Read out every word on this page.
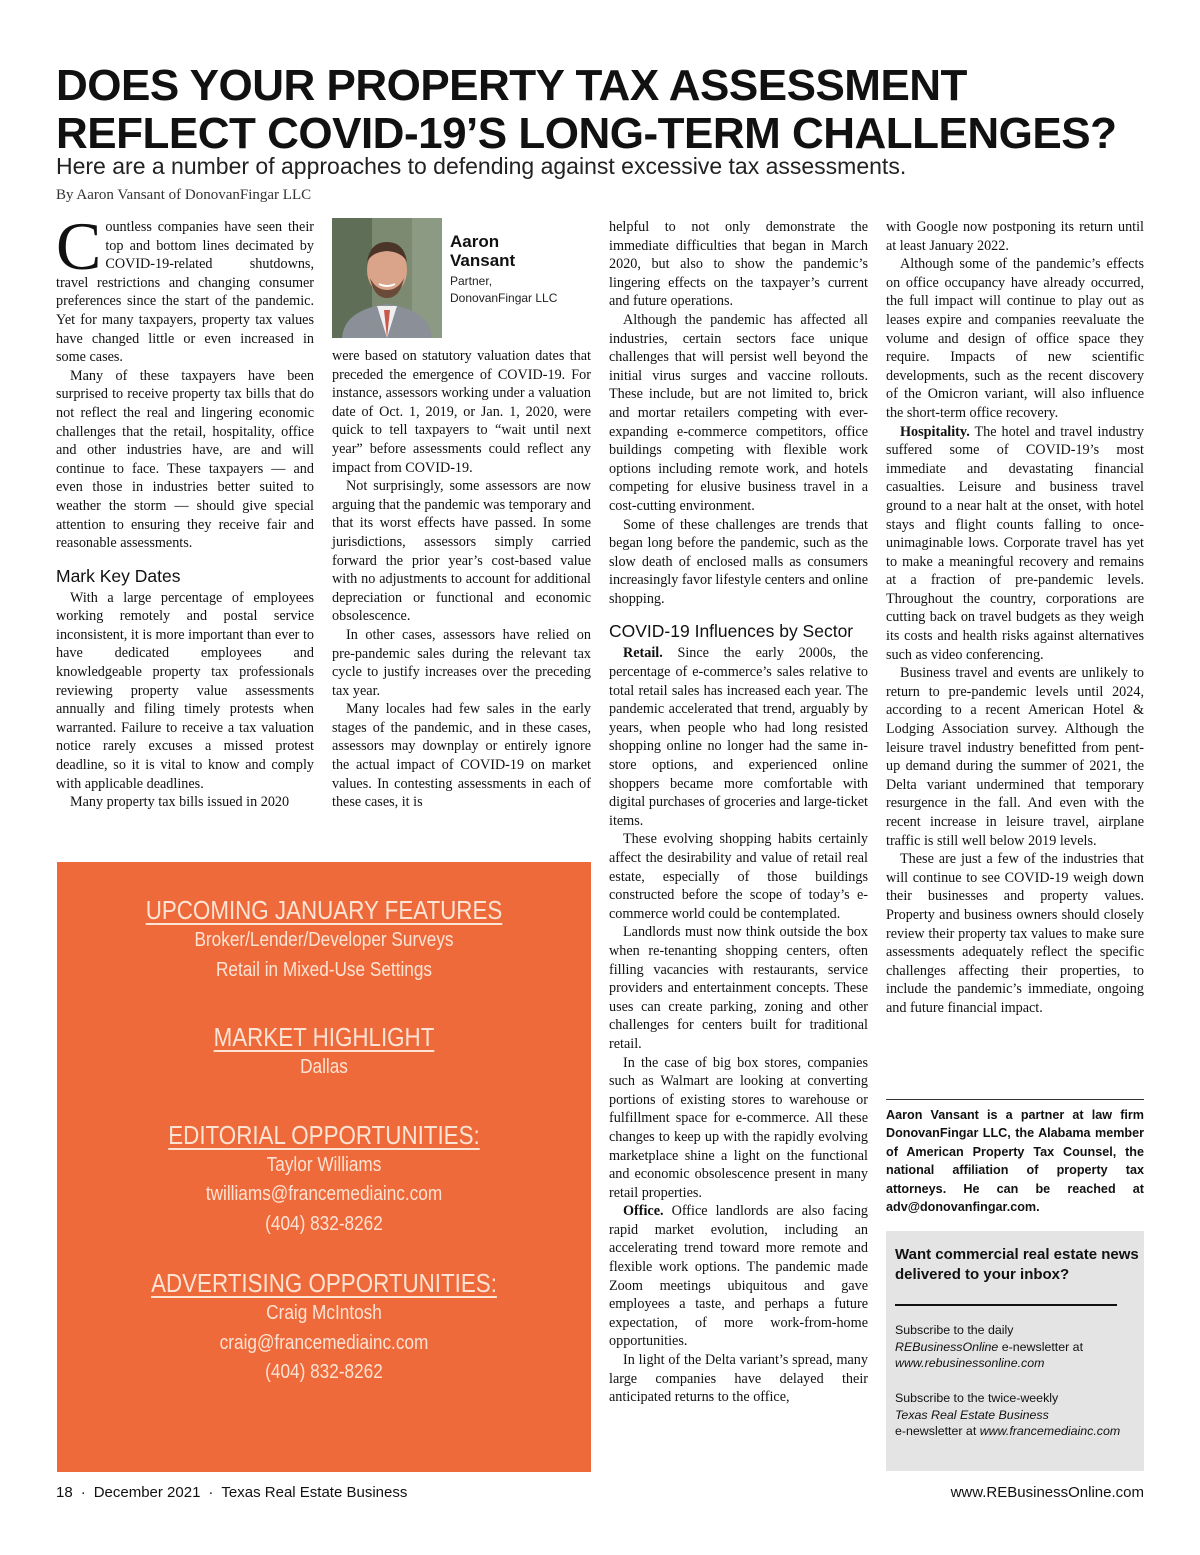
DOES YOUR PROPERTY TAX ASSESSMENT REFLECT COVID-19’S LONG-TERM CHALLENGES?

Here are a number of approaches to defending against excessive tax assessments.

By Aaron Vansant of DonovanFingar LLC

Countless companies have seen their top and bottom lines decimated by COVID-19-related shutdowns, travel restrictions and changing consumer preferences since the start of the pandemic. Yet for many taxpayers, property tax values have changed little or even increased in some cases.

Many of these taxpayers have been surprised to receive property tax bills that do not reflect the real and lingering economic challenges that the retail, hospitality, office and other industries have, are and will continue to face. These taxpayers — and even those in industries better suited to weather the storm — should give special attention to ensuring they receive fair and reasonable assessments.

Mark Key Dates

With a large percentage of employees working remotely and postal service inconsistent, it is more important than ever to have dedicated employees and knowledgeable property tax professionals reviewing property value assessments annually and filing timely protests when warranted. Failure to receive a tax valuation notice rarely excuses a missed protest deadline, so it is vital to know and comply with applicable deadlines.

Many property tax bills issued in 2020

Aaron
Vansant
Partner,
DonovanFingar LLC

were based on statutory valuation dates that preceded the emergence of COVID-19. For instance, assessors working under a valuation date of Oct. 1, 2019, or Jan. 1, 2020, were quick to tell taxpayers to “wait until next year” before assessments could reflect any impact from COVID-19.

Not surprisingly, some assessors are now arguing that the pandemic was temporary and that its worst effects have passed. In some jurisdictions, assessors simply carried forward the prior year’s cost-based value with no adjustments to account for additional depreciation or functional and economic obsolescence.

In other cases, assessors have relied on pre-pandemic sales during the relevant tax cycle to justify increases over the preceding tax year.

Many locales had few sales in the early stages of the pandemic, and in these cases, assessors may downplay or entirely ignore the actual impact of COVID-19 on market values. In contesting assessments in each of these cases, it is

helpful to not only demonstrate the immediate difficulties that began in March 2020, but also to show the pandemic’s lingering effects on the taxpayer’s current and future operations.

Although the pandemic has affected all industries, certain sectors face unique challenges that will persist well beyond the initial virus surges and vaccine rollouts. These include, but are not limited to, brick and mortar retailers competing with ever-expanding e-commerce competitors, office buildings competing with flexible work options including remote work, and hotels competing for elusive business travel in a cost-cutting environment.

Some of these challenges are trends that began long before the pandemic, such as the slow death of enclosed malls as consumers increasingly favor lifestyle centers and online shopping.

COVID-19 Influences by Sector

Retail. Since the early 2000s, the percentage of e-commerce’s sales relative to total retail sales has increased each year. The pandemic accelerated that trend, arguably by years, when people who had long resisted shopping online no longer had the same in-store options, and experienced online shoppers became more comfortable with digital purchases of groceries and large-ticket items.

These evolving shopping habits certainly affect the desirability and value of retail real estate, especially of those buildings constructed before the scope of today’s e-commerce world could be contemplated.

Landlords must now think outside the box when re-tenanting shopping centers, often filling vacancies with restaurants, service providers and entertainment concepts. These uses can create parking, zoning and other challenges for centers built for traditional retail.

In the case of big box stores, companies such as Walmart are looking at converting portions of existing stores to warehouse or fulfillment space for e-commerce. All these changes to keep up with the rapidly evolving marketplace shine a light on the functional and economic obsolescence present in many retail properties.

Office. Office landlords are also facing rapid market evolution, including an accelerating trend toward more remote and flexible work options. The pandemic made Zoom meetings ubiquitous and gave employees a taste, and perhaps a future expectation, of more work-from-home opportunities.

In light of the Delta variant’s spread, many large companies have delayed their anticipated returns to the office,

with Google now postponing its return until at least January 2022.

Although some of the pandemic’s effects on office occupancy have already occurred, the full impact will continue to play out as leases expire and companies reevaluate the volume and design of office space they require. Impacts of new scientific developments, such as the recent discovery of the Omicron variant, will also influence the short-term office recovery.

Hospitality. The hotel and travel industry suffered some of COVID-19’s most immediate and devastating financial casualties. Leisure and business travel ground to a near halt at the onset, with hotel stays and flight counts falling to once-unimaginable lows. Corporate travel has yet to make a meaningful recovery and remains at a fraction of pre-pandemic levels. Throughout the country, corporations are cutting back on travel budgets as they weigh its costs and health risks against alternatives such as video conferencing.

Business travel and events are unlikely to return to pre-pandemic levels until 2024, according to a recent American Hotel & Lodging Association survey. Although the leisure travel industry benefitted from pent-up demand during the summer of 2021, the Delta variant undermined that temporary resurgence in the fall. And even with the recent increase in leisure travel, airplane traffic is still well below 2019 levels.

These are just a few of the industries that will continue to see COVID-19 weigh down their businesses and property values. Property and business owners should closely review their property tax values to make sure assessments adequately reflect the specific challenges affecting their properties, to include the pandemic’s immediate, ongoing and future financial impact.

Aaron Vansant is a partner at law firm DonovanFingar LLC, the Alabama member of American Property Tax Counsel, the national affiliation of property tax attorneys. He can be reached at adv@donovanfingar.com.

UPCOMING JANUARY FEATURES

Broker/Lender/Developer Surveys

Retail in Mixed-Use Settings

MARKET HIGHLIGHT

Dallas

EDITORIAL OPPORTUNITIES:

Taylor Williams

twilliams@francemediainc.com

(404) 832-8262

ADVERTISING OPPORTUNITIES:

Craig McIntosh

craig@francemediainc.com

(404) 832-8262

Want commercial real estate news delivered to your inbox?

Subscribe to the daily
REBusinessOnline e-newsletter at
www.rebusinessonline.com

Subscribe to the twice-weekly
Texas Real Estate Business
e-newsletter at www.francemediainc.com

18 · December 2021 · Texas Real Estate Business	www.REBusinessOnline.com
